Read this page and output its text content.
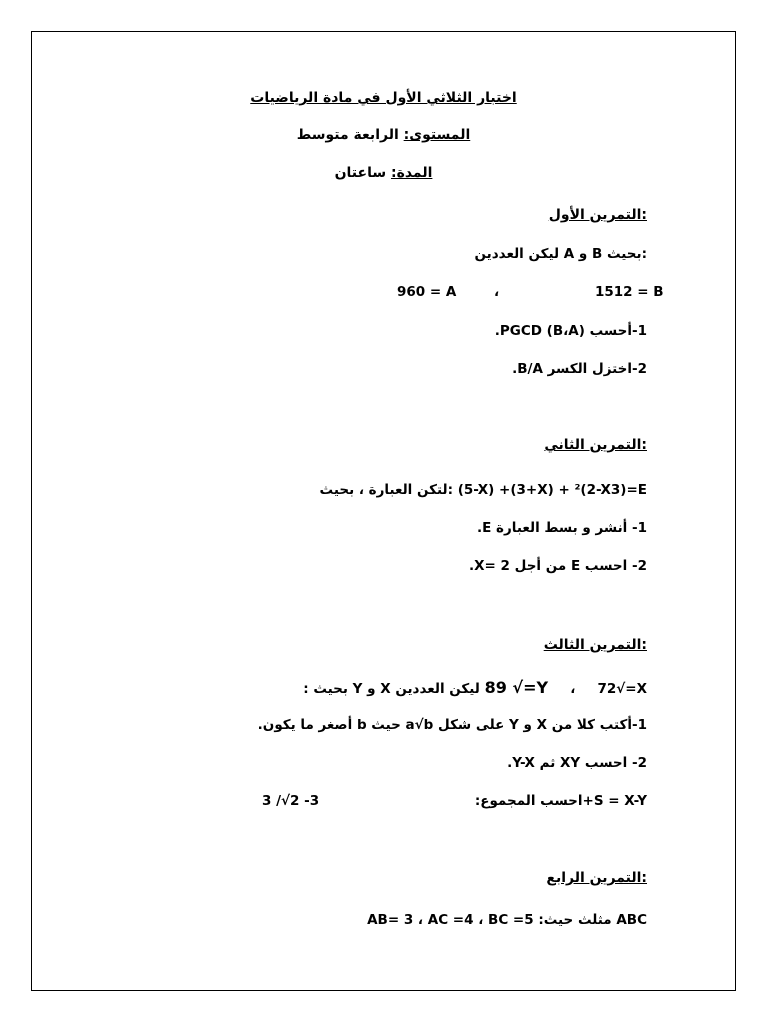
اختبار الثلاثي الأول في مادة الرياضيات
المستوى: الرابعة متوسط
المدة: ساعتان
:التمرين الأول
:بحيث B و A ليكن العددين
960 = A	،	1512 = B
1-أحسب (B،A) PGCD.
2-اختزل الكسر B/A.
:التمرين الثاني
(5-X) +(3+X) + ²(2-X3)=E :لتكن العبارة ، بحيث
1- أنشر و بسط العبارة E.
2- احسب E من أجل 2 =X.
:التمرين الثالث
72√=X ، 89 √=Y ليكن العددين X و Y بحيث :
1-أكتب كلا من X و Y على شكل a√b حيث b أصغر ما يكون.
2- احسب XY ثم Y-X.
3 /√2 -3	S = X-Y+احسب المجموع:
:التمرين الرابع
ABC مثلث حيث: AB= 3 ، AC =4 ، BC =5
